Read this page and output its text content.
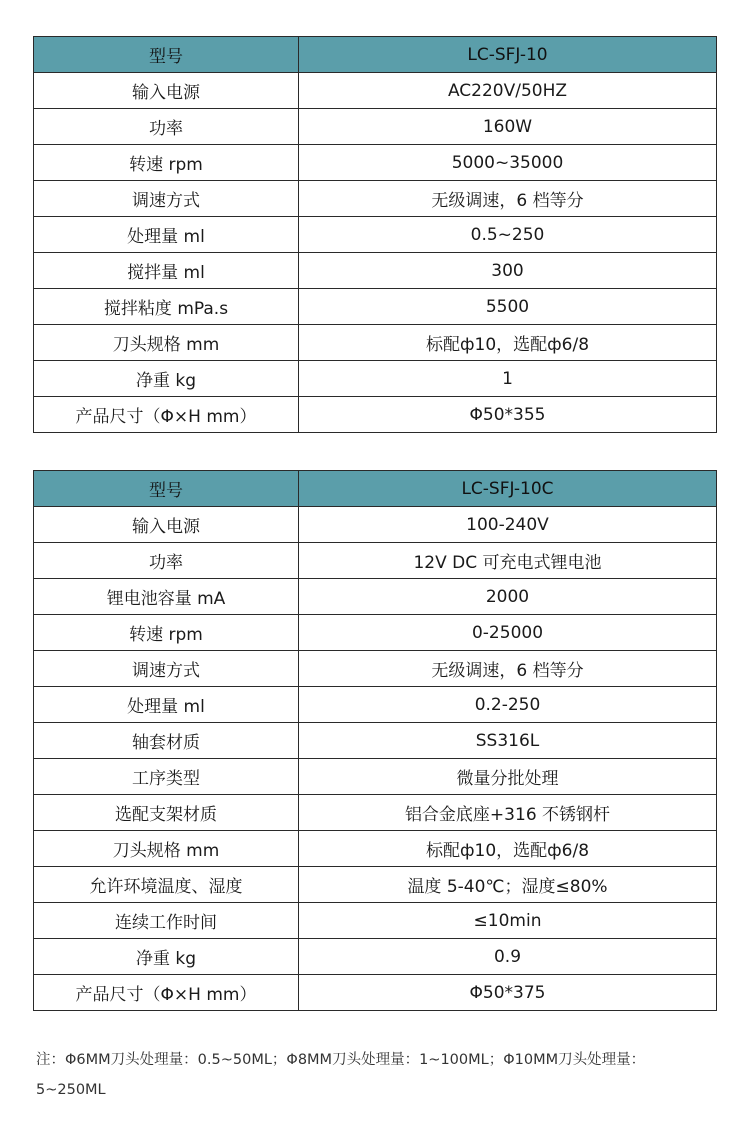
型号	LC-SFJ-10
输入电源	AC220V/50HZ
功率	160W
转速 rpm	5000~35000
调速方式	无级调速，6 档等分
处理量 ml	0.5~250
搅拌量 ml	300
搅拌粘度 mPa.s	5500
刀头规格 mm	标配ф10，选配ф6/8
净重 kg	1
产品尺寸（Φ×H mm）	Φ50*355
型号	LC-SFJ-10C
输入电源	100-240V
功率	12V DC 可充电式锂电池
锂电池容量 mA	2000
转速 rpm	0-25000
调速方式	无级调速，6 档等分
处理量 ml	0.2-250
轴套材质	SS316L
工序类型	微量分批处理
选配支架材质	铝合金底座+316 不锈钢杆
刀头规格 mm	标配ф10，选配ф6/8
允许环境温度、湿度	温度 5-40℃；湿度≤80%
连续工作时间	≤10min
净重 kg	0.9
产品尺寸（Φ×H mm）	Φ50*375
注：Φ6MM刀头处理量：0.5~50ML；Φ8MM刀头处理量：1~100ML；Φ10MM刀头处理量：5~250ML
